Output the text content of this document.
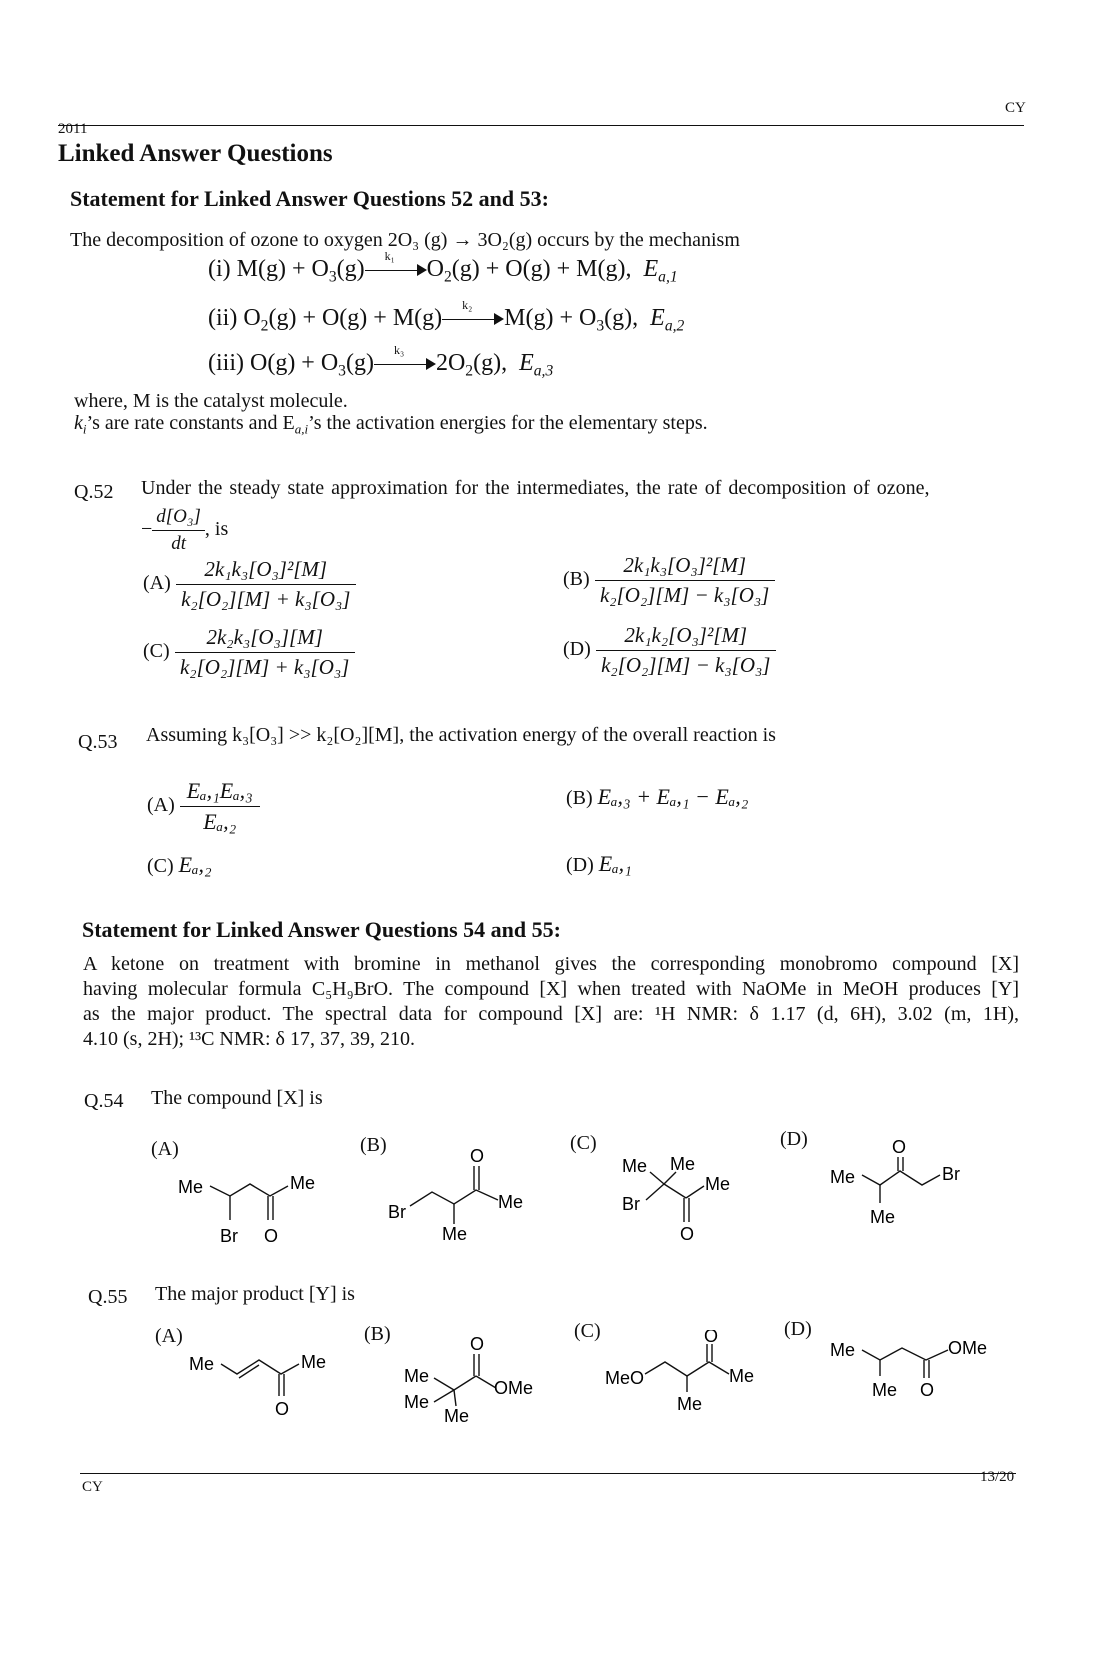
CY
2011
Linked Answer Questions
Statement for Linked Answer Questions 52 and 53:
The decomposition of ozone to oxygen 2O₃ (g) → 3O₂(g) occurs by the mechanism
(i) $M(g) + O_3(g)$ k₁ $O_2(g) + O(g) + M(g)$,  $E_{a,1}$
(ii) $O_2(g) + O(g) + M(g)$ k₂ $M(g) + O_3(g)$,  $E_{a,2}$
(iii) $O(g) + O_3(g)$ k₃ $2O_2(g)$,  $E_{a,3}$
where, M is the catalyst molecule.
$k_i’s$ are rate constants and $E_{a,i}’s$ the activation energies for the elementary steps.
Q.52 Under the steady state approximation for the intermediates, the rate of decomposition of ozone,
− $\frac{\text{d[O₃]}}{dt}$ , is
$(A) \frac{\text{2k₁k₃[O₃]²[M]}}{\text{k₂[O₂][M] + k₃[O₃]}}$	$(B) \frac{\text{2k₁k₃[O₃]²[M]}}{\text{k₂[O₂][M] − k₃[O₃]}}$
$(C) \frac{\text{2k₂k₃[O₃][M]}}{\text{k₂[O₂][M] + k₃[O₃]}}$	$(D) \frac{\text{2k₁k₂[O₃]²[M]}}{\text{k₂[O₂][M] − k₃[O₃]}}$
Q.53 Assuming k₃[O₃] >> k₂[O₂][M], the activation energy of the overall reaction is
$(A) \frac{\text{Eₐ,₁Eₐ,₃}}{\text{Eₐ,₂}}$	(B) Eₐ,₃ + Eₐ,₁ − Eₐ,₂
(C) Eₐ,₂	(D) Eₐ,₁
Statement for Linked Answer Questions 54 and 55:
A ketone on treatment with bromine in methanol gives the corresponding monobromo compound [X]
having molecular formula C₅H₉BrO. The compound [X] when treated with NaOMe in MeOH produces [Y]
as the major product. The spectral data for compound [X] are: ¹H NMR: δ 1.17 (d, 6H), 3.02 (m, 1H),
4.10 (s, 2H); ¹³C NMR: δ 17, 37, 39, 210.
Q.54 The compound [X] is
(A)	(B)	(C)	(D)
Me	Me
Br O
Br
O
Me
Me
Me Me
Br
Me
O
Me
O
Br
Me
Q.55 The major product [Y] is
(A)	(B)	(C)	(D)
Me	Me
O
Me
Me
Me
O
OMe	MeO
O
Me
Me
Me	OMe
Me O
CY
13/20
